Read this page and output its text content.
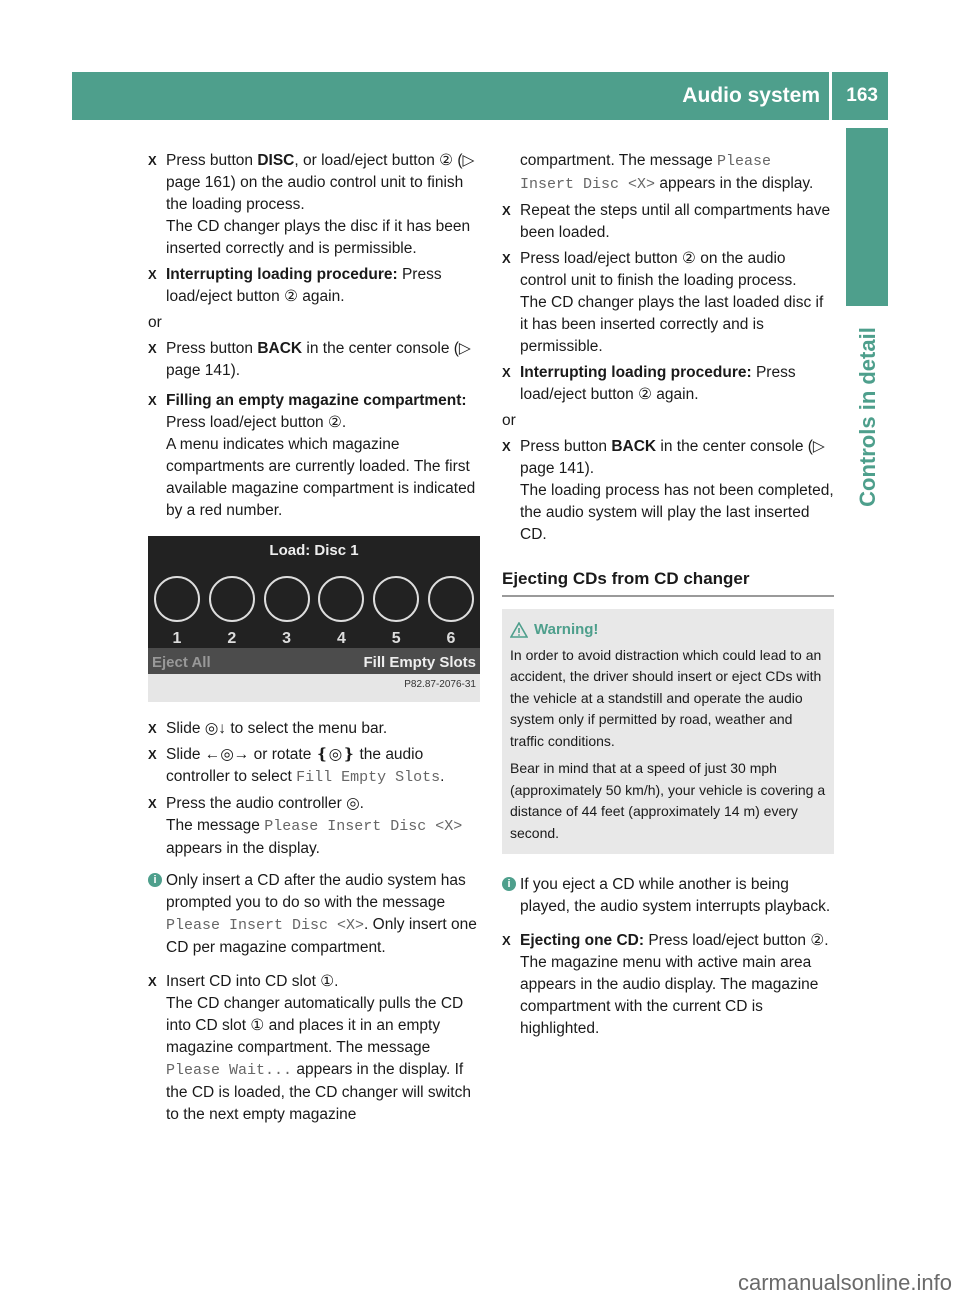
Audio system 163
Controls in detail
X Press button DISC, or load/eject button ② (▷ page 161) on the audio control unit to finish the loading process.
The CD changer plays the disc if it has been inserted correctly and is permissible.
X Interrupting loading procedure: Press load/eject button ② again.
or
X Press button BACK in the center console (▷ page 141).
X Filling an empty magazine compartment: Press load/eject button ②.
A menu indicates which magazine compartments are currently loaded. The first available magazine compartment is indicated by a red number.
Load: Disc 1
1	2	3	4	5	6
Eject All	Fill Empty Slots
P82.87-2076-31
X Slide ◎↓ to select the menu bar.
X Slide ←◎→ or rotate ❴◎❵ the audio controller to select Fill Empty Slots.
X Press the audio controller ◎.
The message Please Insert Disc <X> appears in the display.
i Only insert a CD after the audio system has prompted you to do so with the message Please Insert Disc <X>. Only insert one CD per magazine compartment.
X Insert CD into CD slot ①.
The CD changer automatically pulls the CD into CD slot ① and places it in an empty magazine compartment. The message Please Wait... appears in the display. If the CD is loaded, the CD changer will switch to the next empty magazine
compartment. The message Please Insert Disc <X> appears in the display.
X Repeat the steps until all compartments have been loaded.
X Press load/eject button ② on the audio control unit to finish the loading process.
The CD changer plays the last loaded disc if it has been inserted correctly and is permissible.
X Interrupting loading procedure: Press load/eject button ② again.
or
X Press button BACK in the center console (▷ page 141).
The loading process has not been completed, the audio system will play the last inserted CD.
Ejecting CDs from CD changer
Warning!

In order to avoid distraction which could lead to an accident, the driver should insert or eject CDs with the vehicle at a standstill and operate the audio system only if permitted by road, weather and traffic conditions.

Bear in mind that at a speed of just 30 mph (approximately 50 km/h), your vehicle is covering a distance of 44 feet (approximately 14 m) every second.

i If you eject a CD while another is being played, the audio system interrupts playback.
X Ejecting one CD: Press load/eject button ②.
The magazine menu with active main area appears in the audio display. The magazine compartment with the current CD is highlighted.
carmanualsonline.info
